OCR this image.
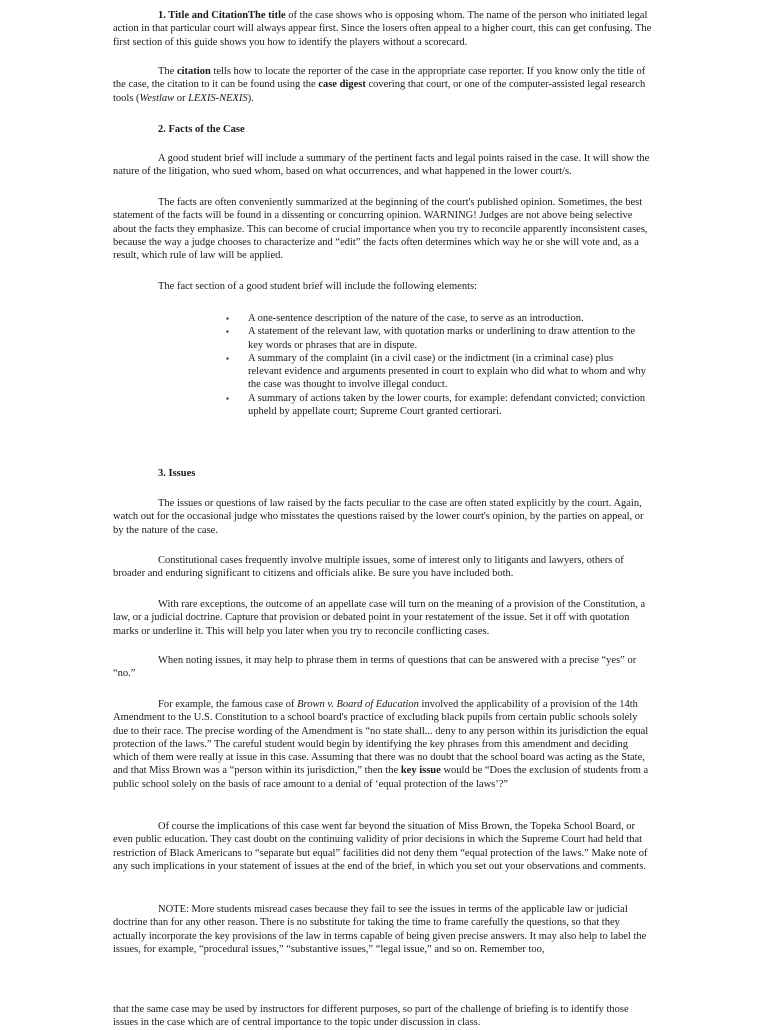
1. Title and CitationThe title of the case shows who is opposing whom. The name of the person who initiated legal action in that particular court will always appear first. Since the losers often appeal to a higher court, this can get confusing. The first section of this guide shows you how to identify the players without a scorecard.

The citation tells how to locate the reporter of the case in the appropriate case reporter. If you know only the title of the case, the citation to it can be found using the case digest covering that court, or one of the computer-assisted legal research tools (Westlaw or LEXIS-NEXIS).

2. Facts of the Case

A good student brief will include a summary of the pertinent facts and legal points raised in the case. It will show the nature of the litigation, who sued whom, based on what occurrences, and what happened in the lower court/s.

The facts are often conveniently summarized at the beginning of the court's published opinion. Sometimes, the best statement of the facts will be found in a dissenting or concurring opinion. WARNING! Judges are not above being selective about the facts they emphasize. This can become of crucial importance when you try to reconcile apparently inconsistent cases, because the way a judge chooses to characterize and “edit” the facts often determines which way he or she will vote and, as a result, which rule of law will be applied.

The fact section of a good student brief will include the following elements:

▪ A one-sentence description of the nature of the case, to serve as an introduction.
▪ A statement of the relevant law, with quotation marks or underlining to draw attention to the key words or phrases that are in dispute.
▪ A summary of the complaint (in a civil case) or the indictment (in a criminal case) plus relevant evidence and arguments presented in court to explain who did what to whom and why the case was thought to involve illegal conduct.
▪ A summary of actions taken by the lower courts, for example: defendant convicted; conviction upheld by appellate court; Supreme Court granted certiorari.

3. Issues

The issues or questions of law raised by the facts peculiar to the case are often stated explicitly by the court. Again, watch out for the occasional judge who misstates the questions raised by the lower court's opinion, by the parties on appeal, or by the nature of the case.

Constitutional cases frequently involve multiple issues, some of interest only to litigants and lawyers, others of broader and enduring significant to citizens and officials alike. Be sure you have included both.

With rare exceptions, the outcome of an appellate case will turn on the meaning of a provision of the Constitution, a law, or a judicial doctrine. Capture that provision or debated point in your restatement of the issue. Set it off with quotation marks or underline it. This will help you later when you try to reconcile conflicting cases.

When noting issues, it may help to phrase them in terms of questions that can be answered with a precise “yes” or “no.”

For example, the famous case of Brown v. Board of Education involved the applicability of a provision of the 14th Amendment to the U.S. Constitution to a school board's practice of excluding black pupils from certain public schools solely due to their race. The precise wording of the Amendment is “no state shall... deny to any person within its jurisdiction the equal protection of the laws.” The careful student would begin by identifying the key phrases from this amendment and deciding which of them were really at issue in this case. Assuming that there was no doubt that the school board was acting as the State, and that Miss Brown was a “person within its jurisdiction,” then the key issue would be “Does the exclusion of students from a public school solely on the basis of race amount to a denial of ‘equal protection of the laws’?”

Of course the implications of this case went far beyond the situation of Miss Brown, the Topeka School Board, or even public education. They cast doubt on the continuing validity of prior decisions in which the Supreme Court had held that restriction of Black Americans to “separate but equal” facilities did not deny them “equal protection of the laws.” Make note of any such implications in your statement of issues at the end of the brief, in which you set out your observations and comments.

NOTE: More students misread cases because they fail to see the issues in terms of the applicable law or judicial doctrine than for any other reason. There is no substitute for taking the time to frame carefully the questions, so that they actually incorporate the key provisions of the law in terms capable of being given precise answers. It may also help to label the issues, for example, “procedural issues,” “substantive issues,” “legal issue,” and so on. Remember too,

that the same case may be used by instructors for different purposes, so part of the challenge of briefing is to identify those issues in the case which are of central importance to the topic under discussion in class.
